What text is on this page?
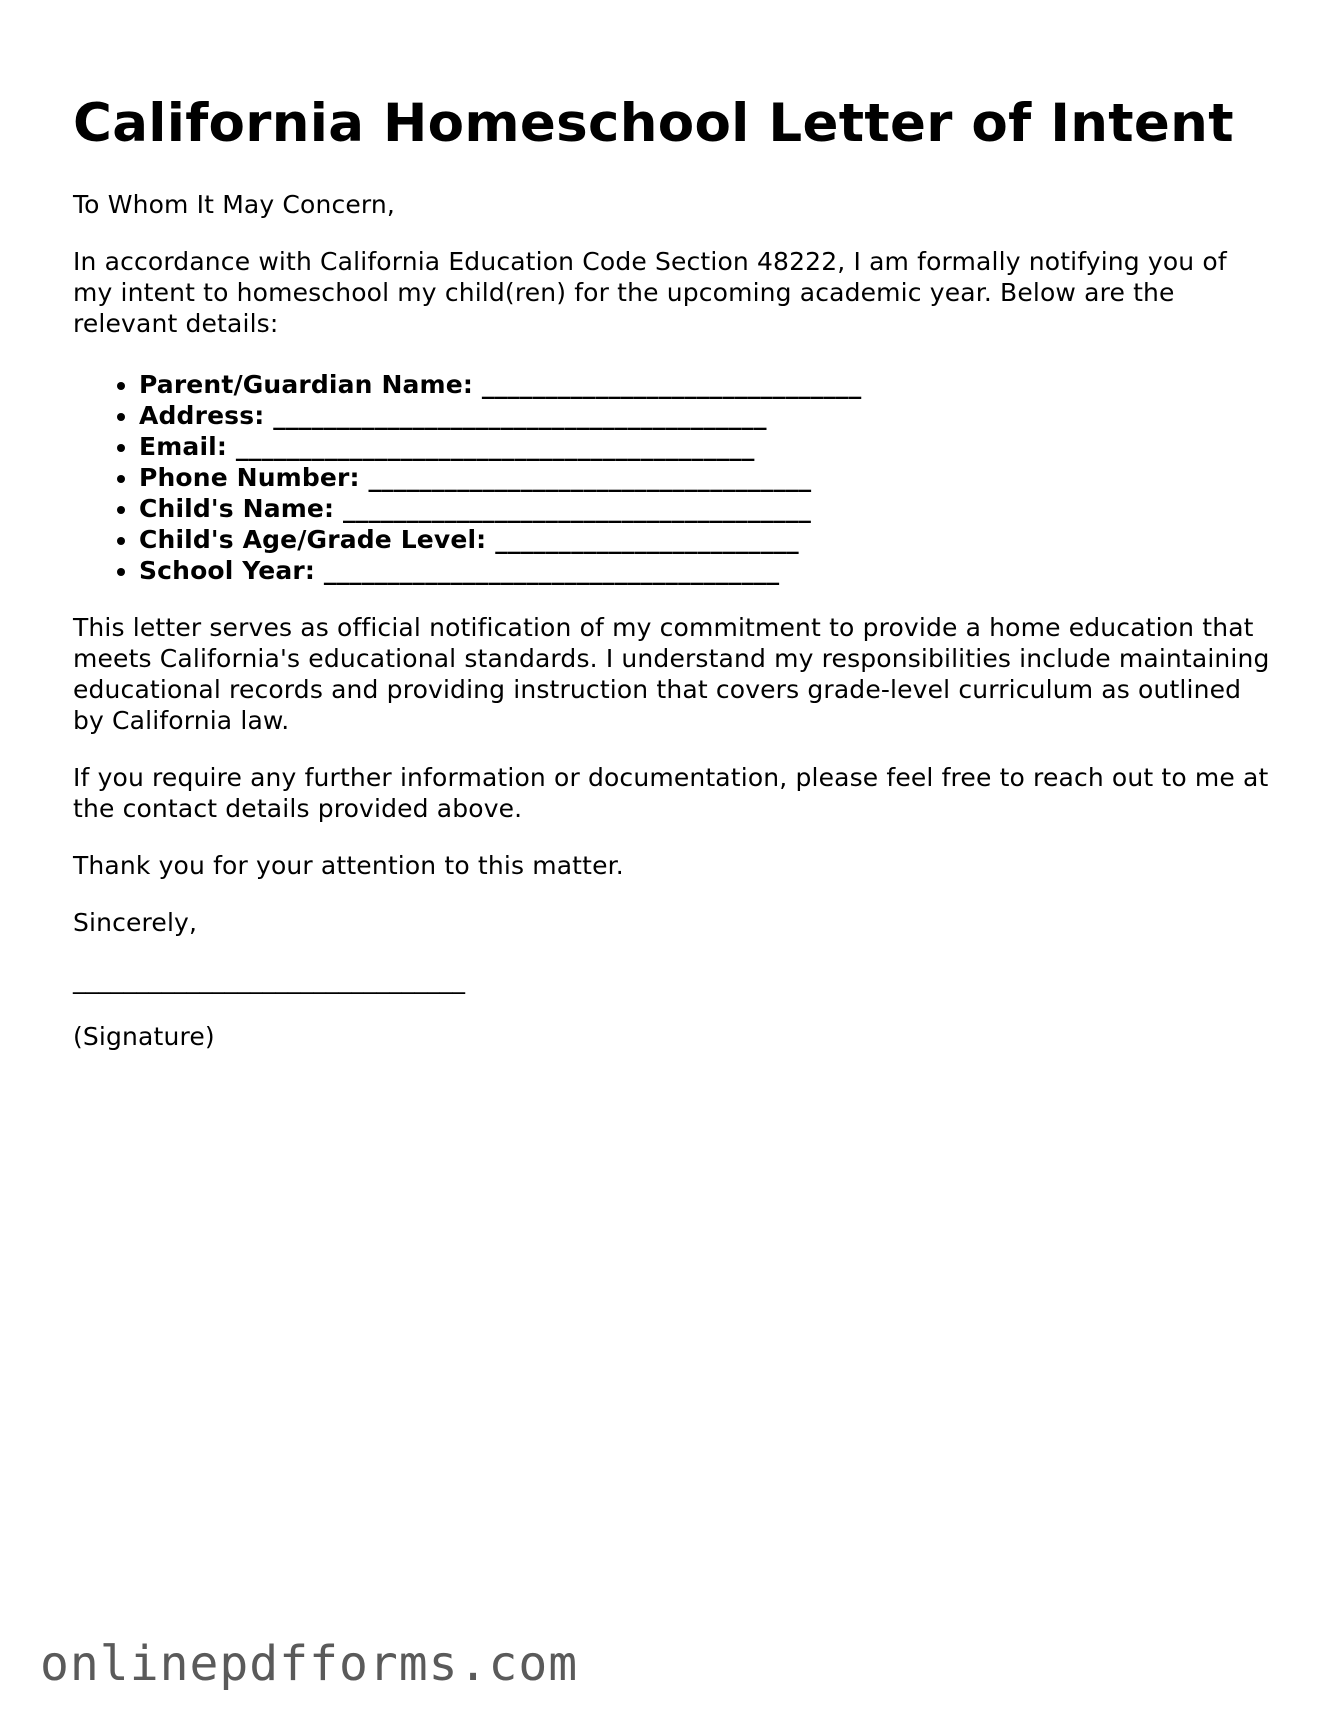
California Homeschool Letter of Intent

To Whom It May Concern,

In accordance with California Education Code Section 48222, I am formally notifying you of my intent to homeschool my child(ren) for the upcoming academic year. Below are the relevant details:

• Parent/Guardian Name: ______________________________
• Address: _______________________________________
• Email: _________________________________________
• Phone Number: ___________________________________
• Child's Name: _____________________________________
• Child's Age/Grade Level: ________________________
• School Year: ____________________________________

This letter serves as official notification of my commitment to provide a home education that meets California's educational standards. I understand my responsibilities include maintaining educational records and providing instruction that covers grade-level curriculum as outlined by California law.

If you require any further information or documentation, please feel free to reach out to me at the contact details provided above.

Thank you for your attention to this matter.

Sincerely,

_______________________________

(Signature)

onlinepdfforms.com
